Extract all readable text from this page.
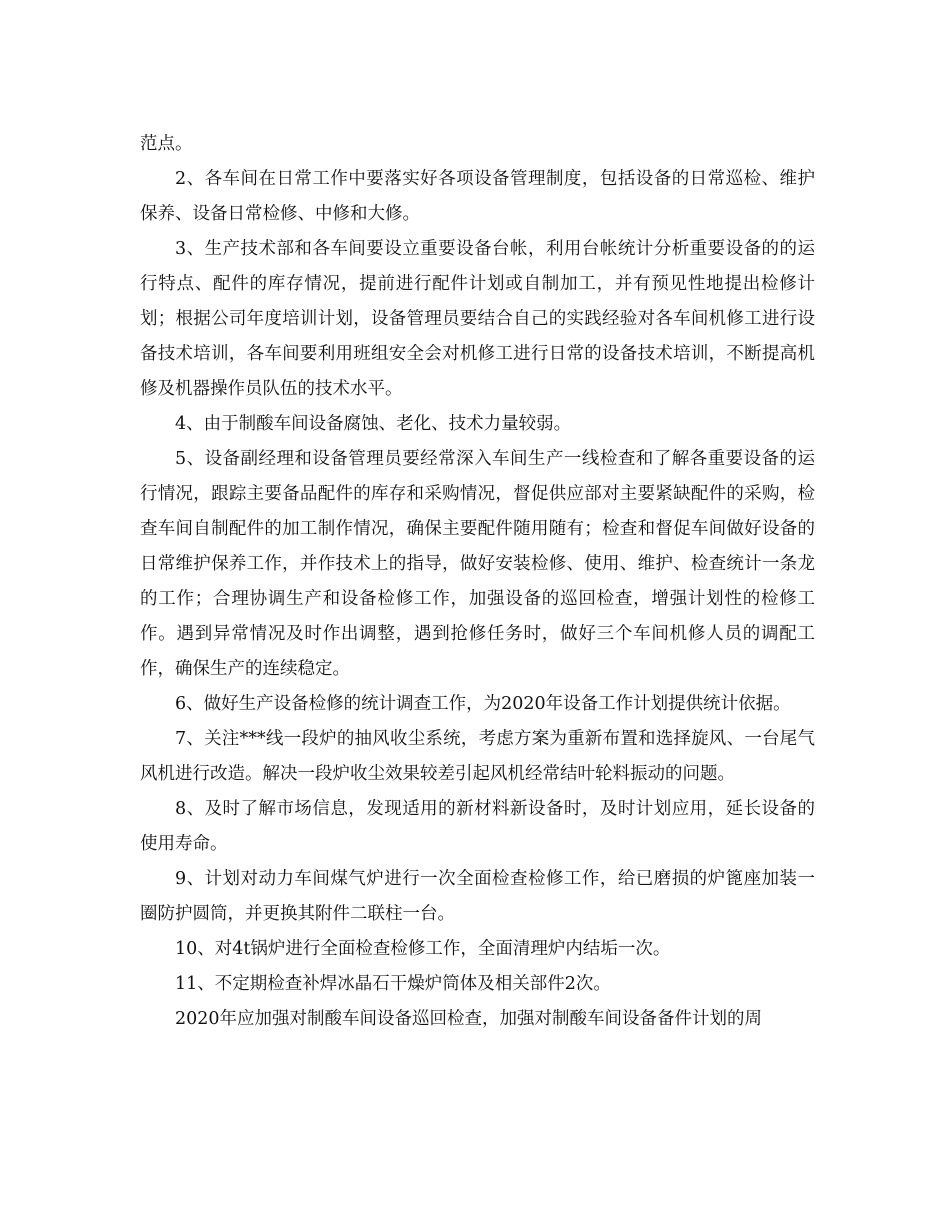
范点。

2、各车间在日常工作中要落实好各项设备管理制度，包括设备的日常巡检、维护保养、设备日常检修、中修和大修。

3、生产技术部和各车间要设立重要设备台帐，利用台帐统计分析重要设备的的运行特点、配件的库存情况，提前进行配件计划或自制加工，并有预见性地提出检修计划；根据公司年度培训计划，设备管理员要结合自己的实践经验对各车间机修工进行设备技术培训，各车间要利用班组安全会对机修工进行日常的设备技术培训，不断提高机修及机器操作员队伍的技术水平。

4、由于制酸车间设备腐蚀、老化、技术力量较弱。

5、设备副经理和设备管理员要经常深入车间生产一线检查和了解各重要设备的运行情况，跟踪主要备品配件的库存和采购情况，督促供应部对主要紧缺配件的采购，检查车间自制配件的加工制作情况，确保主要配件随用随有；检查和督促车间做好设备的日常维护保养工作，并作技术上的指导，做好安装检修、使用、维护、检查统计一条龙的工作；合理协调生产和设备检修工作，加强设备的巡回检查，增强计划性的检修工作。遇到异常情况及时作出调整，遇到抢修任务时，做好三个车间机修人员的调配工作，确保生产的连续稳定。

6、做好生产设备检修的统计调查工作，为2020年设备工作计划提供统计依据。

7、关注***线一段炉的抽风收尘系统，考虑方案为重新布置和选择旋风、一台尾气风机进行改造。解决一段炉收尘效果较差引起风机经常结叶轮料振动的问题。

8、及时了解市场信息，发现适用的新材料新设备时，及时计划应用，延长设备的使用寿命。

9、计划对动力车间煤气炉进行一次全面检查检修工作，给已磨损的炉篦座加装一圈防护圆筒，并更换其附件二联柱一台。

10、对4t锅炉进行全面检查检修工作，全面清理炉内结垢一次。

11、不定期检查补焊冰晶石干燥炉筒体及相关部件2次。

2020年应加强对制酸车间设备巡回检查，加强对制酸车间设备备件计划的周
